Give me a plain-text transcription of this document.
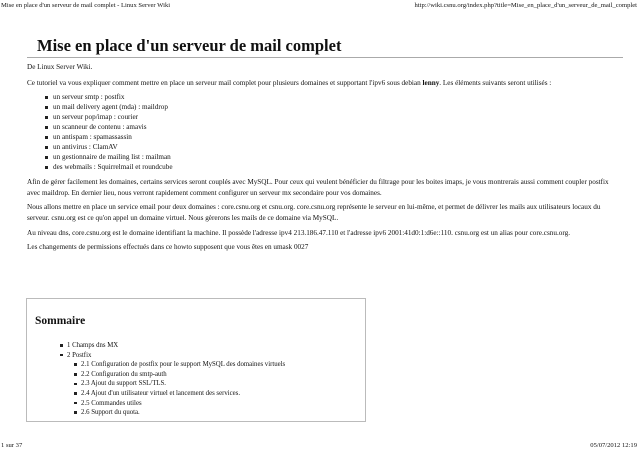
Mise en place d'un serveur de mail complet - Linux Server Wiki	http://wiki.csnu.org/index.php?title=Mise_en_place_d'un_serveur_de_mail_complet
Mise en place d'un serveur de mail complet

De Linux Server Wiki.

Ce tutoriel va vous expliquer comment mettre en place un serveur mail complet pour plusieurs domaines et supportant l'ipv6 sous debian lenny. Les éléments suivants seront utilisés :

un serveur smtp : postfix
un mail delivery agent (mda) : maildrop
un serveur pop/imap : courier
un scanneur de contenu : amavis
un antispam : spamassassin
un antivirus : ClamAV
un gestionnaire de mailing list : mailman
des webmails : Squirrelmail et roundcube

Afin de gérer facilement les domaines, certains services seront couplés avec MySQL. Pour ceux qui veulent bénéficier du filtrage pour les boites imaps, je vous montrerais aussi comment coupler postfix avec maildrop. En dernier lieu, nous verront rapidement comment configurer un serveur mx secondaire pour vos domaines.

Nous allons mettre en place un service email pour deux domaines : core.csnu.org et csnu.org. core.csnu.org représente le serveur en lui-même, et permet de délivrer les mails aux utilisateurs locaux du serveur. csnu.org est ce qu'on appel un domaine virtuel. Nous gèrerons les mails de ce domaine via MySQL.

Au niveau dns, core.csnu.org est le domaine identifiant la machine. Il possède l'adresse ipv4 213.186.47.110 et l'adresse ipv6 2001:41d0:1:d6e::110. csnu.org est un alias pour core.csnu.org.

Les changements de permissions effectués dans ce howto supposent que vous êtes en umask 0027

Sommaire
1 Champs dns MX
2 Postfix
2.1 Configuration de postfix pour le support MySQL des domaines virtuels
2.2 Configuration du smtp-auth
2.3 Ajout du support SSL/TLS.
2.4 Ajout d'un utilisateur virtuel et lancement des services.
2.5 Commandes utiles
2.6 Support du quota.
1 sur 37	05/07/2012 12:19
